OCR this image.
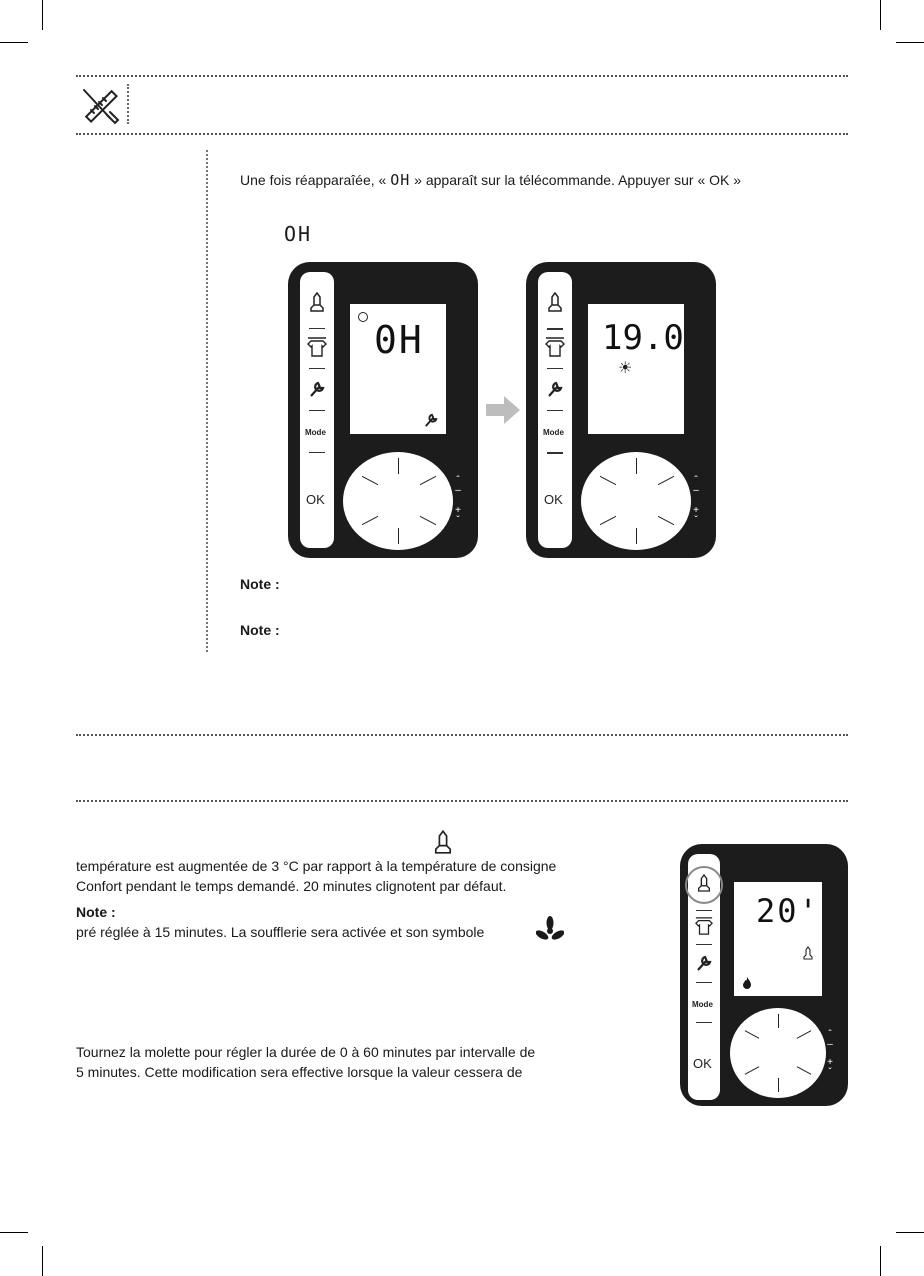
Une fois réapparaîée, « OH » apparaît sur la télécommande. Appuyer sur « OK »
OH
Mode
OK
0H
ˆ
–
+
ˇ
Mode
OK
19.0
☀
ˆ
–
+
ˇ
Note :
Note :
température est augmentée de 3 °C par rapport à la température de consigne
Confort pendant le temps demandé. 20 minutes clignotent par défaut.
Note :
pré réglée à 15 minutes. La soufflerie sera activée et son symbole
Tournez la molette pour régler la durée de 0 à 60 minutes par intervalle de
5 minutes. Cette modification sera effective lorsque la valeur cessera de
Mode
OK
20'
ˆ
–
+
ˇ
